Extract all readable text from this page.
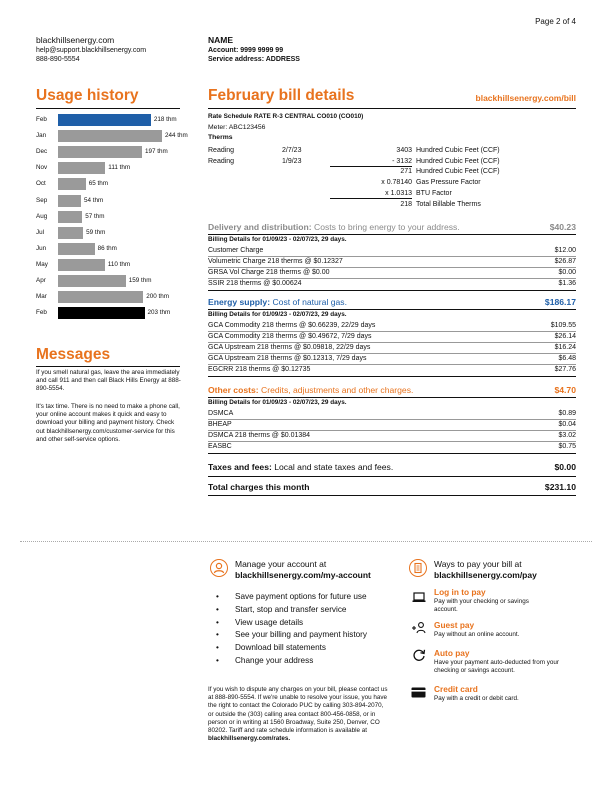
Page 2 of 4
blackhillsenergy.com
help@support.blackhillsenergy.com
888-890-5554
NAME
Account: 9999 9999 99
Service address: ADDRESS
Usage history
Feb	218 thm
Jan	244 thm
Dec	197 thm
Nov	111 thm
Oct	65 thm
Sep	54 thm
Aug	57 thm
Jul	59 thm
Jun	86 thm
May	110 thm
Apr	159 thm
Mar	200 thm
Feb	203 thm
Messages
If you smell natural gas, leave the area immediately and call 911 and then call Black Hills Energy at 888-890-5554.
It's tax time. There is no need to make a phone call, your online account makes it quick and easy to download your billing and payment history. Check out blackhillsenergy.com/customer-service for this and other self-service options.
February bill details	blackhillsenergy.com/bill
Rate Schedule RATE R-3 CENTRAL CO010 (CO010)
Meter: ABC123456
Therms
Reading	2/7/23	3403 Hundred Cubic Feet (CCF)
Reading	1/9/23	- 3132 Hundred Cubic Feet (CCF)
271 Hundred Cubic Feet (CCF)
x 0.78140 Gas Pressure Factor
x 1.0313 BTU Factor
218 Total Billable Therms
Delivery and distribution: Costs to bring energy to your address.	$40.23
Billing Details for 01/09/23 - 02/07/23, 29 days.
Customer Charge	$12.00
Volumetric Charge 218 therms @ $0.12327	$26.87
GRSA Vol Charge 218 therms @ $0.00	$0.00
SSIR 218 therms @ $0.00624	$1.36
Energy supply: Cost of natural gas.	$186.17
Billing Details for 01/09/23 - 02/07/23, 29 days.
GCA Commodity 218 therms @ $0.66239, 22/29 days	$109.55
GCA Commodity 218 therms @ $0.49672, 7/29 days	$26.14
GCA Upstream 218 therms @ $0.09818, 22/29 days	$16.24
GCA Upstream 218 therms @ $0.12313, 7/29 days	$6.48
EGCRR 218 therms @ $0.12735	$27.76
Other costs: Credits, adjustments and other charges.	$4.70
Billing Details for 01/09/23 - 02/07/23, 29 days.
DSMCA	$0.89
BHEAP	$0.04
DSMCA 218 therms @ $0.01384	$3.02
EASBC	$0.75
Taxes and fees: Local and state taxes and fees.	$0.00
Total charges this month	$231.10
Manage your account at
blackhillsenergy.com/my-account
• Save payment options for future use
• Start, stop and transfer service
• View usage details
• See your billing and payment history
• Download bill statements
• Change your address
If you wish to dispute any charges on your bill, please contact us at 888-890-5554. If we're unable to resolve your issue, you have the right to contact the Colorado PUC by calling 303-894-2070, or outside the (303) calling area contact 800-456-0858, or in person or in writing at 1560 Broadway, Suite 250, Denver, CO 80202. Tariff and rate schedule information is available at blackhillsenergy.com/rates.
Ways to pay your bill at
blackhillsenergy.com/pay
Log in to pay
Pay with your checking or savings account.
Guest pay
Pay without an online account.
Auto pay
Have your payment auto-deducted from your checking or savings account.
Credit card
Pay with a credit or debit card.
